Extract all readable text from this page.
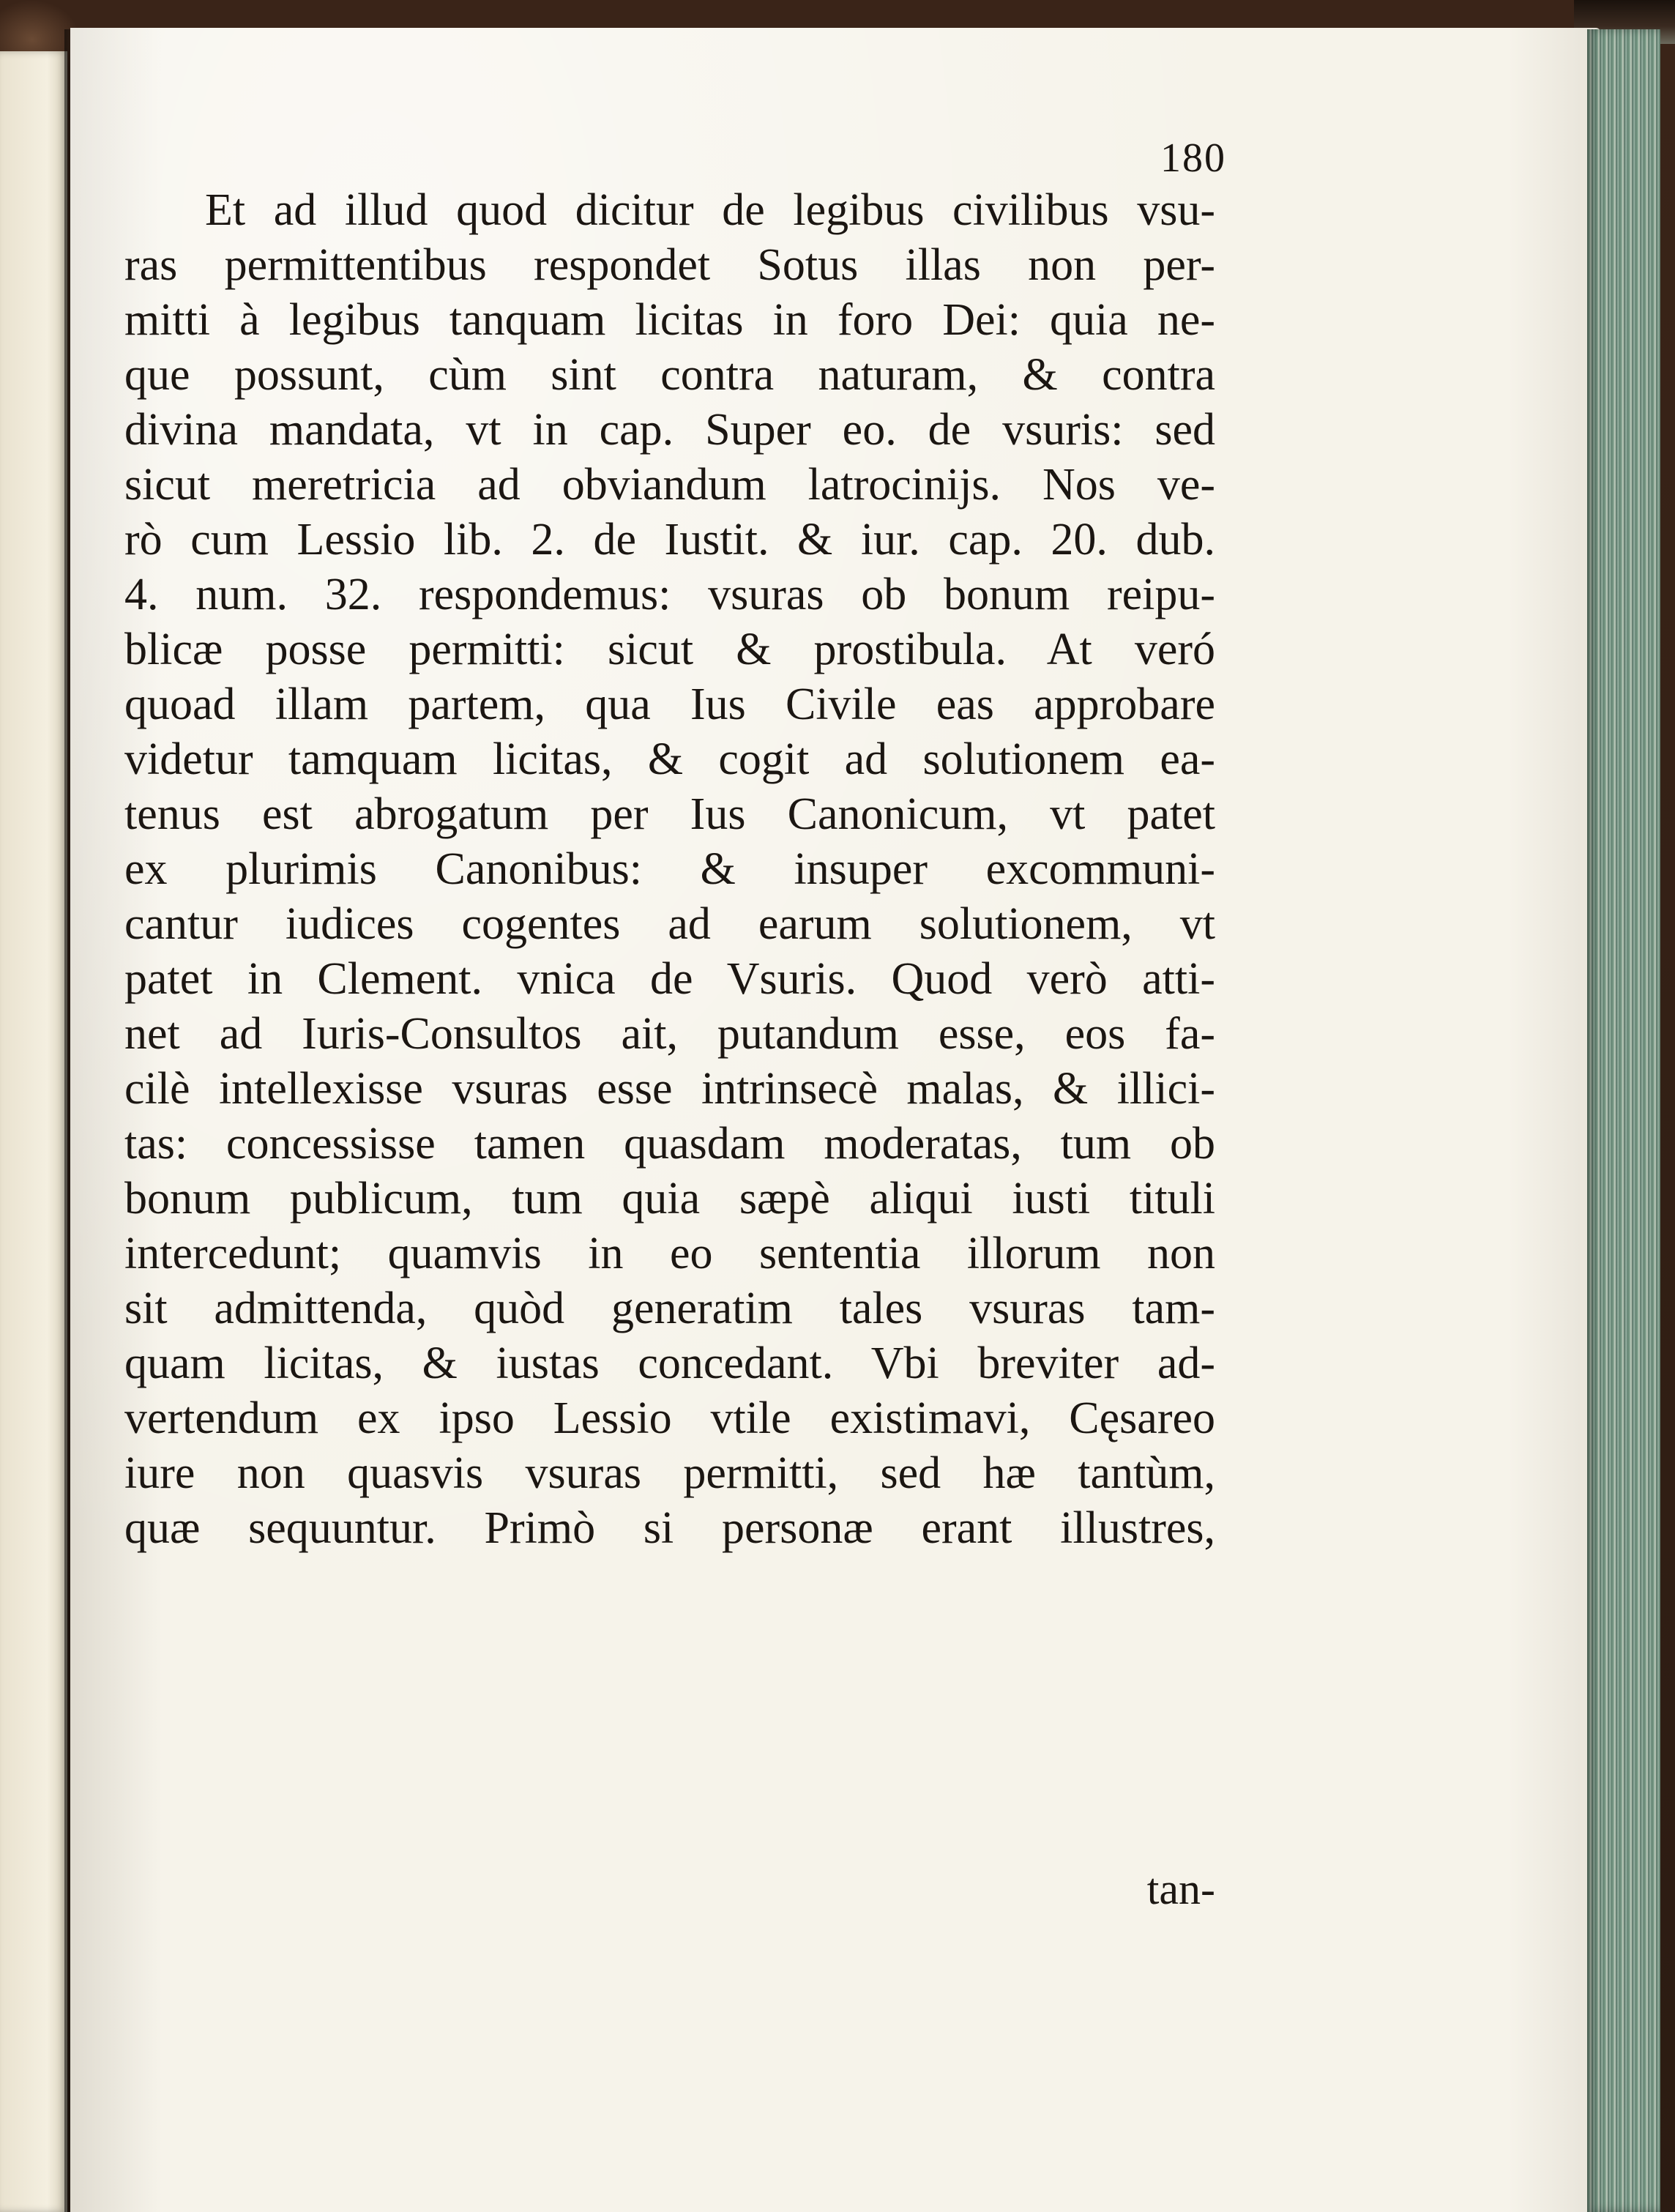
180
Et ad illud quod dicitur de legibus civilibus vsu-
ras permittentibus respondet Sotus illas non per-
mitti à legibus tanquam licitas in foro Dei: quia ne-
que possunt, cùm sint contra naturam, & contra
divina mandata, vt in cap. Super eo. de vsuris: sed
sicut meretricia ad obviandum latrocinijs. Nos ve-
rò cum Lessio lib. 2. de Iustit. & iur. cap. 20. dub.
4. num. 32. respondemus: vsuras ob bonum reipu-
blicæ posse permitti: sicut & prostibula. At veró
quoad illam partem, qua Ius Civile eas approbare
videtur tamquam licitas, & cogit ad solutionem ea-
tenus est abrogatum per Ius Canonicum, vt patet
ex plurimis Canonibus: & insuper excommuni-
cantur iudices cogentes ad earum solutionem, vt
patet in Clement. vnica de Vsuris. Quod verò atti-
net ad Iuris-Consultos ait, putandum esse, eos fa-
cilè intellexisse vsuras esse intrinsecè malas, & illici-
tas: concessisse tamen quasdam moderatas, tum ob
bonum publicum, tum quia sæpè aliqui iusti tituli
intercedunt; quamvis in eo sententia illorum non
sit admittenda, quòd generatim tales vsuras tam-
quam licitas, & iustas concedant. Vbi breviter ad-
vertendum ex ipso Lessio vtile existimavi, Cęsareo
iure non quasvis vsuras permitti, sed hæ tantùm,
quæ sequuntur. Primò si personæ erant illustres,
tan-
